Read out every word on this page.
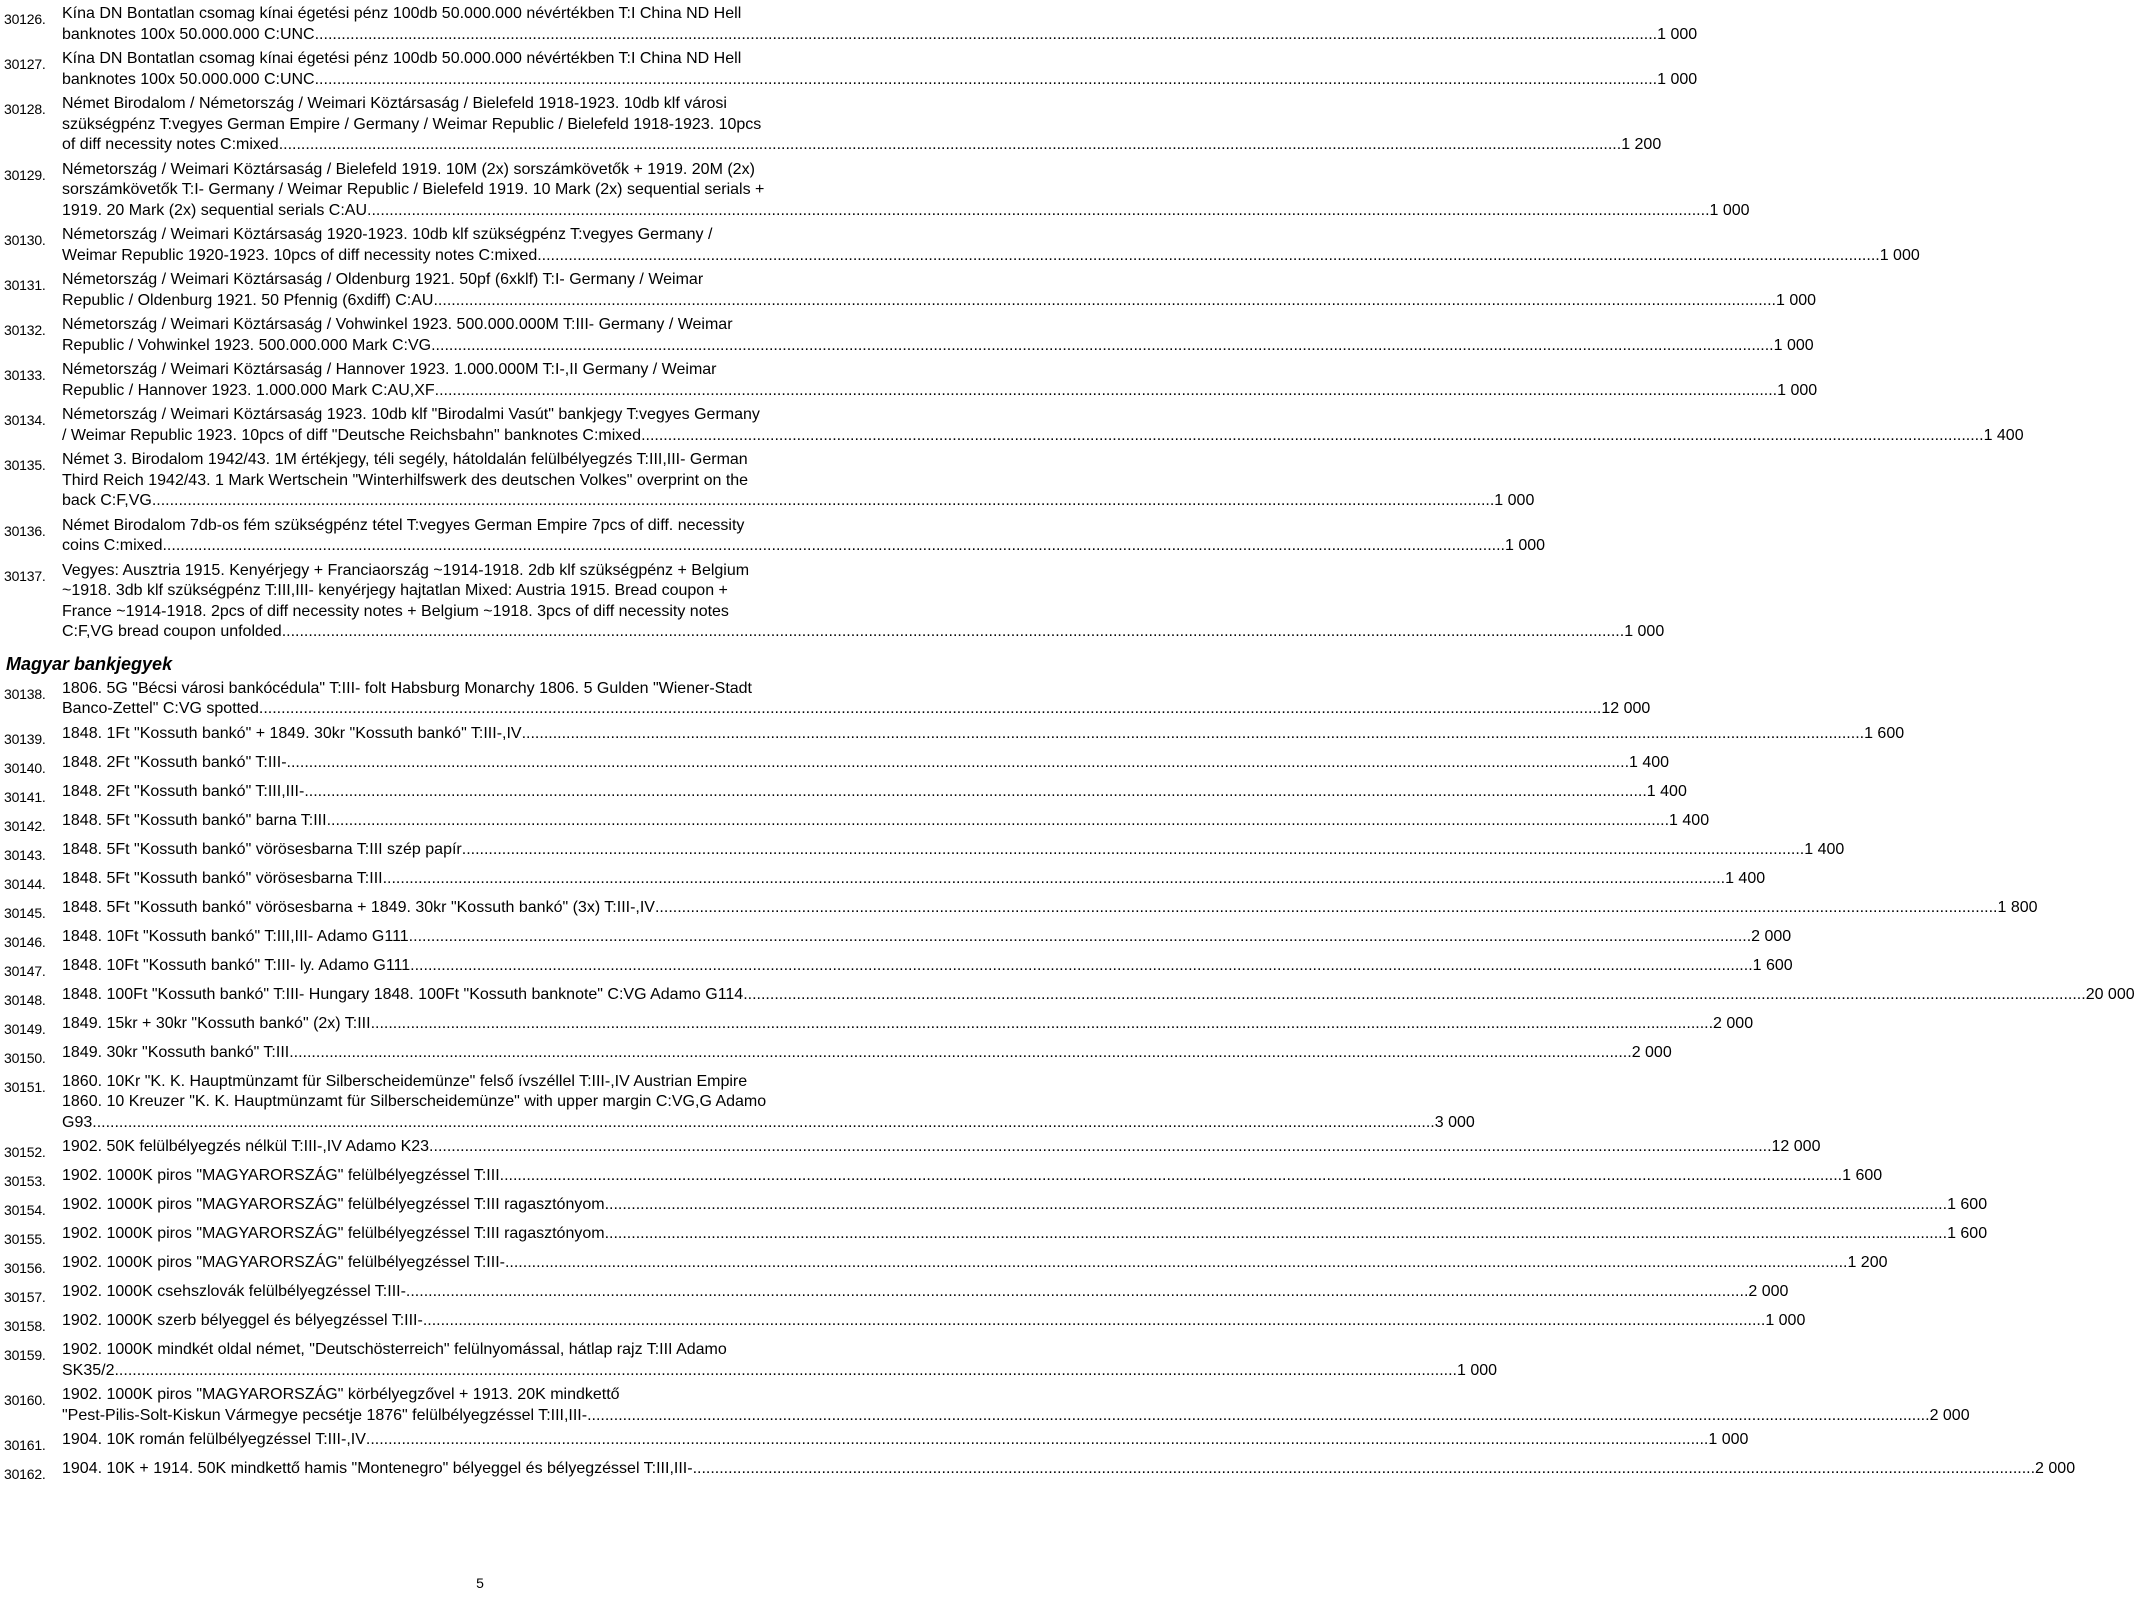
30126.	Kína DN Bontatlan csomag kínai égetési pénz 100db 50.000.000 névértékben T:I China ND Hell
banknotes 100x 50.000.000 C:UNC .....	1 000
30127.	Kína DN Bontatlan csomag kínai égetési pénz 100db 50.000.000 névértékben T:I China ND Hell
banknotes 100x 50.000.000 C:UNC .....	1 000
30128.	Német Birodalom / Németország / Weimari Köztársaság / Bielefeld 1918-1923. 10db klf városi
szükségpénz T:vegyes German Empire / Germany / Weimar Republic / Bielefeld 1918-1923. 10pcs
of diff necessity notes C:mixed .....	1 200
30129.	Németország / Weimari Köztársaság / Bielefeld 1919. 10M (2x) sorszámkövetők + 1919. 20M (2x)
sorszámkövetők T:I- Germany / Weimar Republic / Bielefeld 1919. 10 Mark (2x) sequential serials +
1919. 20 Mark (2x) sequential serials C:AU .....	1 000
30130.	Németország / Weimari Köztársaság 1920-1923. 10db klf szükségpénz T:vegyes Germany /
Weimar Republic 1920-1923. 10pcs of diff necessity notes C:mixed .....	1 000
30131.	Németország / Weimari Köztársaság / Oldenburg 1921. 50pf (6xklf) T:I- Germany / Weimar
Republic / Oldenburg 1921. 50 Pfennig (6xdiff) C:AU .....	1 000
30132.	Németország / Weimari Köztársaság / Vohwinkel 1923. 500.000.000M T:III- Germany / Weimar
Republic / Vohwinkel 1923. 500.000.000 Mark C:VG .....	1 000
30133.	Németország / Weimari Köztársaság / Hannover 1923. 1.000.000M T:I-,II Germany / Weimar
Republic / Hannover 1923. 1.000.000 Mark C:AU,XF .....	1 000
30134.	Németország / Weimari Köztársaság 1923. 10db klf "Birodalmi Vasút" bankjegy T:vegyes Germany
/ Weimar Republic 1923. 10pcs of diff "Deutsche Reichsbahn" banknotes C:mixed .....	1 400
30135.	Német 3. Birodalom 1942/43. 1M értékjegy, téli segély, hátoldalán felülbélyegzés T:III,III- German
Third Reich 1942/43. 1 Mark Wertschein "Winterhilfswerk des deutschen Volkes" overprint on the
back C:F,VG .....	1 000
30136.	Német Birodalom 7db-os fém szükségpénz tétel T:vegyes German Empire 7pcs of diff. necessity
coins C:mixed .....	1 000
30137.	Vegyes: Ausztria 1915. Kenyérjegy + Franciaország ~1914-1918. 2db klf szükségpénz + Belgium
~1918. 3db klf szükségpénz T:III,III- kenyérjegy hajtatlan Mixed: Austria 1915. Bread coupon +
France ~1914-1918. 2pcs of diff necessity notes + Belgium ~1918. 3pcs of diff necessity notes
C:F,VG bread coupon unfolded .....	1 000
Magyar bankjegyek
30138.	1806. 5G "Bécsi városi bankócédula" T:III- folt Habsburg Monarchy 1806. 5 Gulden "Wiener-Stadt
Banco-Zettel" C:VG spotted .....	12 000
30139.	1848. 1Ft "Kossuth bankó" + 1849. 30kr "Kossuth bankó" T:III-,IV .....	1 600
30140.	1848. 2Ft "Kossuth bankó" T:III- .....	1 400
30141.	1848. 2Ft "Kossuth bankó" T:III,III- .....	1 400
30142.	1848. 5Ft "Kossuth bankó" barna T:III .....	1 400
30143.	1848. 5Ft "Kossuth bankó" vörösesbarna T:III szép papír .....	1 400
30144.	1848. 5Ft "Kossuth bankó" vörösesbarna T:III .....	1 400
30145.	1848. 5Ft "Kossuth bankó" vörösesbarna + 1849. 30kr "Kossuth bankó" (3x) T:III-,IV .....	1 800
30146.	1848. 10Ft "Kossuth bankó" T:III,III- Adamo G111 .....	2 000
30147.	1848. 10Ft "Kossuth bankó" T:III- ly. Adamo G111 .....	1 600
30148.	1848. 100Ft "Kossuth bankó" T:III- Hungary 1848. 100Ft "Kossuth banknote" C:VG Adamo G114 .....	20 000
30149.	1849. 15kr + 30kr "Kossuth bankó" (2x) T:III .....	2 000
30150.	1849. 30kr "Kossuth bankó" T:III .....	2 000
30151.	1860. 10Kr "K. K. Hauptmünzamt für Silberscheidemünze" felső ívszéllel T:III-,IV Austrian Empire
1860. 10 Kreuzer "K. K. Hauptmünzamt für Silberscheidemünze" with upper margin C:VG,G Adamo
G93 .....	3 000
30152.	1902. 50K felülbélyegzés nélkül T:III-,IV Adamo K23 .....	12 000
30153.	1902. 1000K piros "MAGYARORSZÁG" felülbélyegzéssel T:III .....	1 600
30154.	1902. 1000K piros "MAGYARORSZÁG" felülbélyegzéssel T:III ragasztónyom .....	1 600
30155.	1902. 1000K piros "MAGYARORSZÁG" felülbélyegzéssel T:III ragasztónyom .....	1 600
30156.	1902. 1000K piros "MAGYARORSZÁG" felülbélyegzéssel T:III- .....	1 200
30157.	1902. 1000K csehszlovák felülbélyegzéssel T:III- .....	2 000
30158.	1902. 1000K szerb bélyeggel és bélyegzéssel T:III- .....	1 000
30159.	1902. 1000K mindkét oldal német, "Deutschösterreich" felülnyomással, hátlap rajz T:III Adamo
SK35/2 .....	1 000
30160.	1902. 1000K piros "MAGYARORSZÁG" körbélyegzővel + 1913. 20K mindkettő
"Pest-Pilis-Solt-Kiskun Vármegye pecsétje 1876" felülbélyegzéssel T:III,III- .....	2 000
30161.	1904. 10K román felülbélyegzéssel T:III-,IV .....	1 000
30162.	1904. 10K + 1914. 50K mindkettő hamis "Montenegro" bélyeggel és bélyegzéssel T:III,III- .....	2 000
5
